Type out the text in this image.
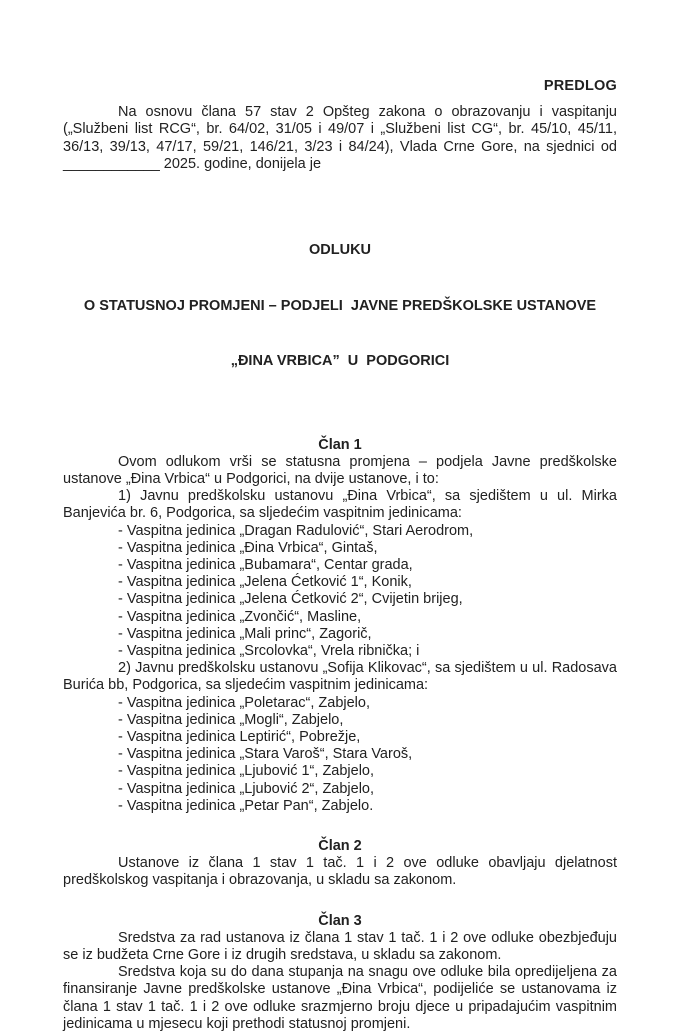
PREDLOG

Na osnovu člana 57 stav 2 Opšteg zakona o obrazovanju i vaspitanju („Službeni list RCG“, br. 64/02, 31/05 i 49/07 i „Službeni list CG“, br. 45/10, 45/11, 36/13, 39/13, 47/17, 59/21, 146/21, 3/23 i 84/24), Vlada Crne Gore, na sjednici od ____________ 2025. godine, donijela je

ODLUKU

O STATUSNOJ PROMJENI – PODJELI  JAVNE PREDŠKOLSKE USTANOVE

„ĐINA VRBICA”  U  PODGORICI

Član 1

Ovom odlukom vrši se statusna promjena – podjela Javne predškolske ustanove „Đina Vrbica“ u Podgorici, na dvije ustanove, i to:

1) Javnu predškolsku ustanovu „Đina Vrbica“, sa sjedištem u ul. Mirka Banjevića br. 6, Podgorica, sa sljedećim vaspitnim jedinicama:

- Vaspitna jedinica „Dragan Radulović“, Stari Aerodrom,
- Vaspitna jedinica „Đina Vrbica“, Gintaš,
- Vaspitna jedinica „Bubamara“, Centar grada,
- Vaspitna jedinica „Jelena Ćetković 1“, Konik,
- Vaspitna jedinica „Jelena Ćetković 2“, Cvijetin brijeg,
- Vaspitna jedinica „Zvončić“, Masline,
- Vaspitna jedinica „Mali princ“, Zagorič,
- Vaspitna jedinica „Srcolovka“, Vrela ribnička; i

2) Javnu predškolsku ustanovu „Sofija Klikovac“, sa sjedištem u ul. Radosava Burića bb, Podgorica, sa sljedećim vaspitnim jedinicama:

- Vaspitna jedinica „Poletarac“, Zabjelo,
- Vaspitna jedinica „Mogli“, Zabjelo,
- Vaspitna jedinica Leptirić“, Pobrežje,
- Vaspitna jedinica „Stara Varoš“, Stara Varoš,
- Vaspitna jedinica „Ljubović 1“, Zabjelo,
- Vaspitna jedinica „Ljubović 2“, Zabjelo,
- Vaspitna jedinica „Petar Pan“, Zabjelo.
Član 2

Ustanove iz člana 1 stav 1 tač. 1 i 2 ove odluke obavljaju djelatnost predškolskog vaspitanja i obrazovanja, u skladu sa zakonom.

Član 3

Sredstva za rad ustanova iz člana 1 stav 1 tač. 1 i 2 ove odluke obezbjeđuju se iz budžeta Crne Gore i iz drugih sredstava, u skladu sa zakonom.

Sredstva koja su do dana stupanja na snagu ove odluke bila opredijeljena za finansiranje Javne predškolske ustanove „Đina Vrbica“, podijeliće se ustanovama iz člana 1 stav 1 tač. 1 i 2 ove odluke srazmjerno broju djece u pripadajućim vaspitnim jedinicama u mjesecu koji prethodi statusnoj promjeni.
